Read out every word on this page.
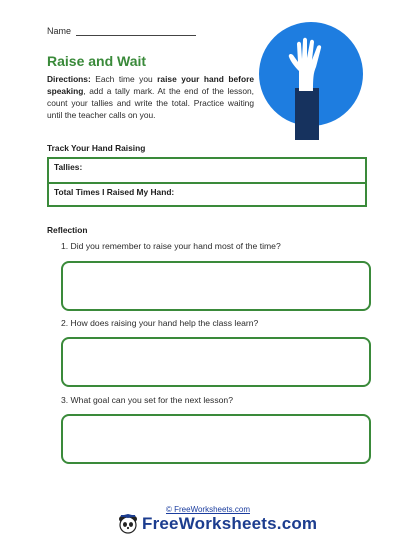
Name
Raise and Wait

Directions: Each time you raise your hand before speaking, add a tally mark. At the end of the lesson, count your tallies and write the total. Practice waiting until the teacher calls on you.

Track Your Hand Raising
Tallies:
Total Times I Raised My Hand:
Reflection
1. Did you remember to raise your hand most of the time?
2. How does raising your hand help the class learn?
3. What goal can you set for the next lesson?
© FreeWorksheets.com
FreeWorksheets.com
